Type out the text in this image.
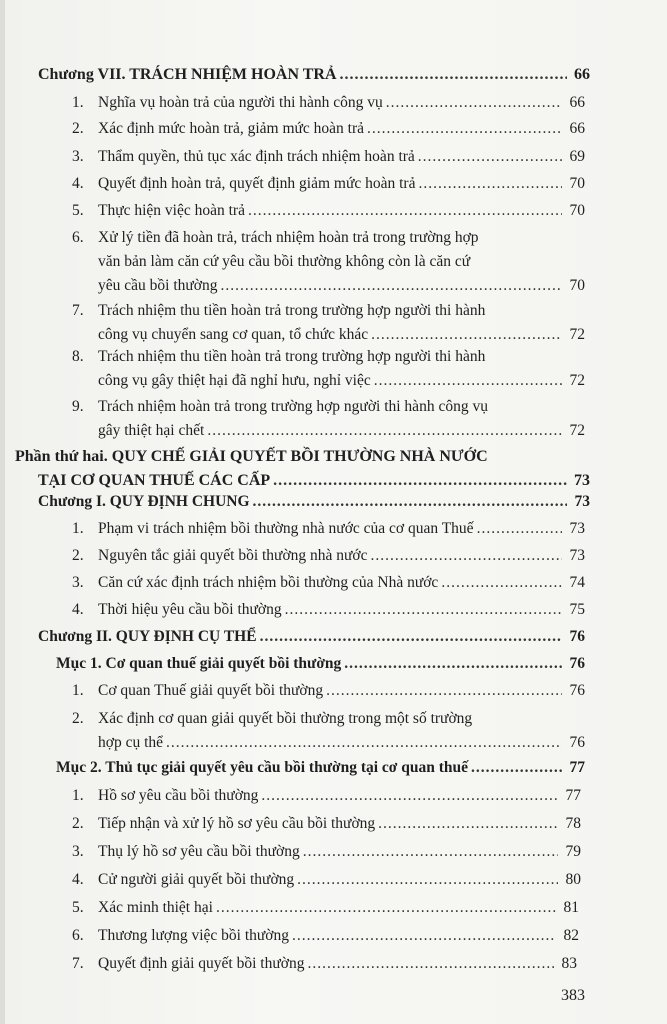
Chương VII. TRÁCH NHIỆM HOÀN TRẢ .....	66
1. Nghĩa vụ hoàn trả của người thi hành công vụ .....	66
2. Xác định mức hoàn trả, giảm mức hoàn trả .....	66
3. Thẩm quyền, thủ tục xác định trách nhiệm hoàn trả .....	69
4. Quyết định hoàn trả, quyết định giảm mức hoàn trả .....	70
5. Thực hiện việc hoàn trả .....	70
6. Xử lý tiền đã hoàn trả, trách nhiệm hoàn trả trong trường hợp
văn bản làm căn cứ yêu cầu bồi thường không còn là căn cứ
yêu cầu bồi thường .....	70
7. Trách nhiệm thu tiền hoàn trả trong trường hợp người thi hành
công vụ chuyển sang cơ quan, tổ chức khác .....	72
8. Trách nhiệm thu tiền hoàn trả trong trường hợp người thi hành
công vụ gây thiệt hại đã nghỉ hưu, nghỉ việc .....	72
9. Trách nhiệm hoàn trả trong trường hợp người thi hành công vụ
gây thiệt hại chết .....	72
Phần thứ hai. QUY CHẾ GIẢI QUYẾT BỒI THƯỜNG NHÀ NƯỚC
TẠI CƠ QUAN THUẾ CÁC CẤP .....	73
Chương I. QUY ĐỊNH CHUNG .....	73
1. Phạm vi trách nhiệm bồi thường nhà nước của cơ quan Thuế .....	73
2. Nguyên tắc giải quyết bồi thường nhà nước .....	73
3. Căn cứ xác định trách nhiệm bồi thường của Nhà nước .....	74
4. Thời hiệu yêu cầu bồi thường .....	75
Chương II. QUY ĐỊNH CỤ THỂ .....	76
Mục 1. Cơ quan thuế giải quyết bồi thường .....	76
1. Cơ quan Thuế giải quyết bồi thường .....	76
2. Xác định cơ quan giải quyết bồi thường trong một số trường
hợp cụ thể .....	76
Mục 2. Thủ tục giải quyết yêu cầu bồi thường tại cơ quan thuế .....	77
1. Hồ sơ yêu cầu bồi thường .....	77
2. Tiếp nhận và xử lý hồ sơ yêu cầu bồi thường .....	78
3. Thụ lý hồ sơ yêu cầu bồi thường .....	79
4. Cử người giải quyết bồi thường .....	80
5. Xác minh thiệt hại .....	81
6. Thương lượng việc bồi thường .....	82
7. Quyết định giải quyết bồi thường .....	83
383
